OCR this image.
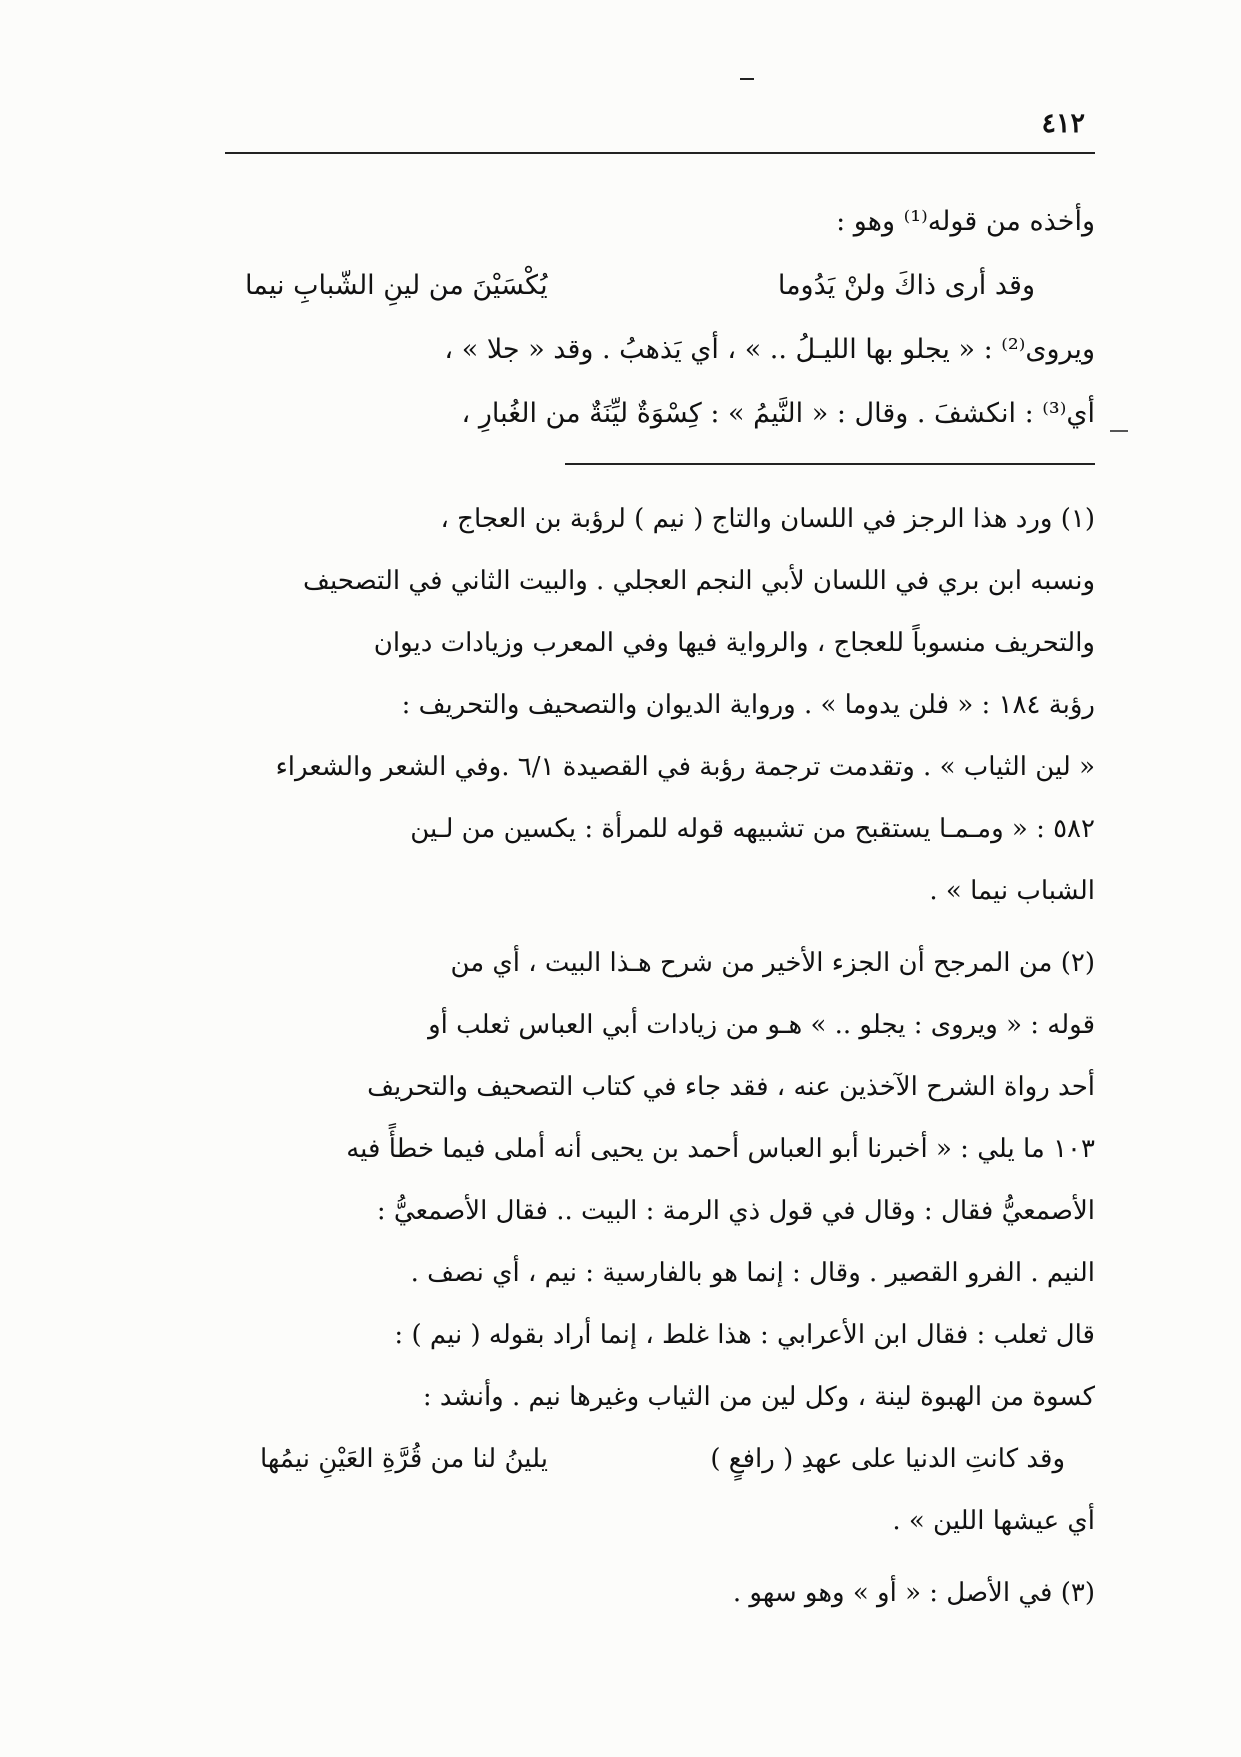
٤١٢
وأخذه من قوله⁽¹⁾ وهو :
وقد أرى ذاكَ ولنْ يَدُوما
يُكْسَيْنَ من لينِ الشّبابِ نيما
ويروى⁽²⁾ : « يجلو بها الليـلُ .. » ، أي يَذهبُ . وقد « جلا » ،
أي⁽³⁾ : انكشفَ . وقال : « النَّيمُ » : كِسْوَةٌ ليِّنَةٌ من الغُبارِ ،
(١) ورد هذا الرجز في اللسان والتاج ( نيم ) لرؤبة بن العجاج ،
ونسبه ابن بري في اللسان لأبي النجم العجلي . والبيت الثاني في التصحيف
والتحريف منسوباً للعجاج ، والرواية فيها وفي المعرب وزيادات ديوان
رؤبة ١٨٤ : « فلن يدوما » . ورواية الديوان والتصحيف والتحريف :
« لين الثياب » . وتقدمت ترجمة رؤبة في القصيدة ٦/١ .وفي الشعر والشعراء
٥٨٢ : « ومـمـا يستقبح من تشبيهه قوله للمرأة : يكسين من لـين
الشباب نيما » .
(٢) من المرجح أن الجزء الأخير من شرح هـذا البيت ، أي من
قوله : « ويروى : يجلو .. » هـو من زيادات أبي العباس ثعلب أو
أحد رواة الشرح الآخذين عنه ، فقد جاء في كتاب التصحيف والتحريف
١٠٣ ما يلي : « أخبرنا أبو العباس أحمد بن يحيى أنه أملى فيما خطأً فيه
الأصمعيُّ فقال : وقال في قول ذي الرمة : البيت .. فقال الأصمعيُّ :
النيم . الفرو القصير . وقال : إنما هو بالفارسية : نيم ، أي نصف .
قال ثعلب : فقال ابن الأعرابي : هذا غلط ، إنما أراد بقوله ( نيم ) :
كسوة من الهبوة لينة ، وكل لين من الثياب وغيرها نيم . وأنشد :
وقد كانتِ الدنيا على عهدِ ( رافعٍ )
يلينُ لنا من قُرَّةِ العَيْنِ نيمُها
أي عيشها اللين » .
(٣) في الأصل : « أو » وهو سهو .
